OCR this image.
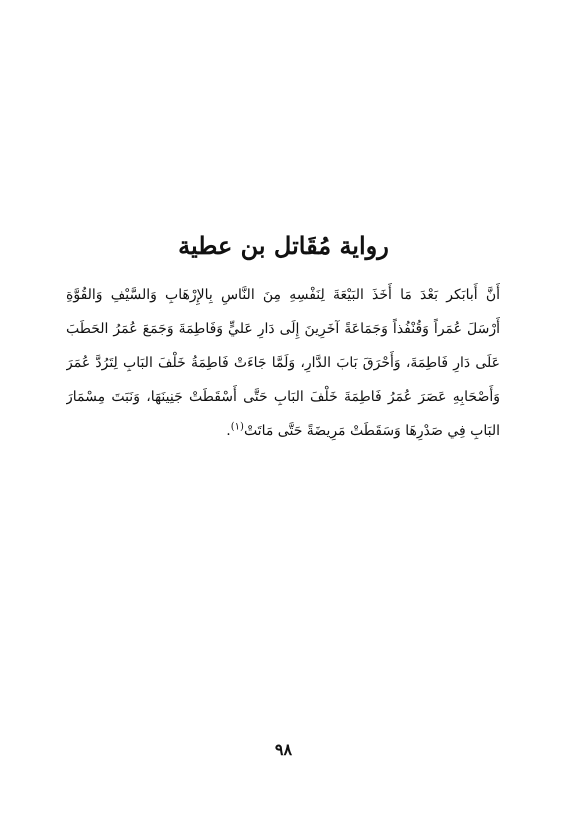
رواية مُقَاتل بن عطية
أَنَّ أَبابَكر بَعْدَ مَا أَخَذَ البَيْعَةَ لِنَفْسِهِ مِنَ النَّاسِ بِالإِرْهَابِ وَالسَّيْفِ وَالقُوَّةِ
أَرْسَلَ عُمَراً وَقُنْفُذاً وَجَمَاعَةً آخَرِينَ إِلَى دَارِ عَليٍّ وَفَاطِمَةَ وَجَمَعَ عُمَرُ الحَطَبَ
عَلَى دَارِ فَاطِمَةَ، وَأَحْرَقَ بَابَ الدَّارِ، وَلَمَّا جَاءَتْ فَاطِمَةُ خَلْفَ البَابِ لِتَرُدَّ عُمَرَ
وَأَصْحَابِهِ عَصَرَ عُمَرُ فَاطِمَةَ خَلْفَ البَابِ حَتَّى أَسْقَطَتْ جَنِينَهَا، وَنَبَتَ مِسْمَارَ
البَابِ فِي صَدْرِهَا وَسَقَطَتْ مَرِيضَةً حَتَّى مَاتَتْ$^{(١)}$.
٩٨
